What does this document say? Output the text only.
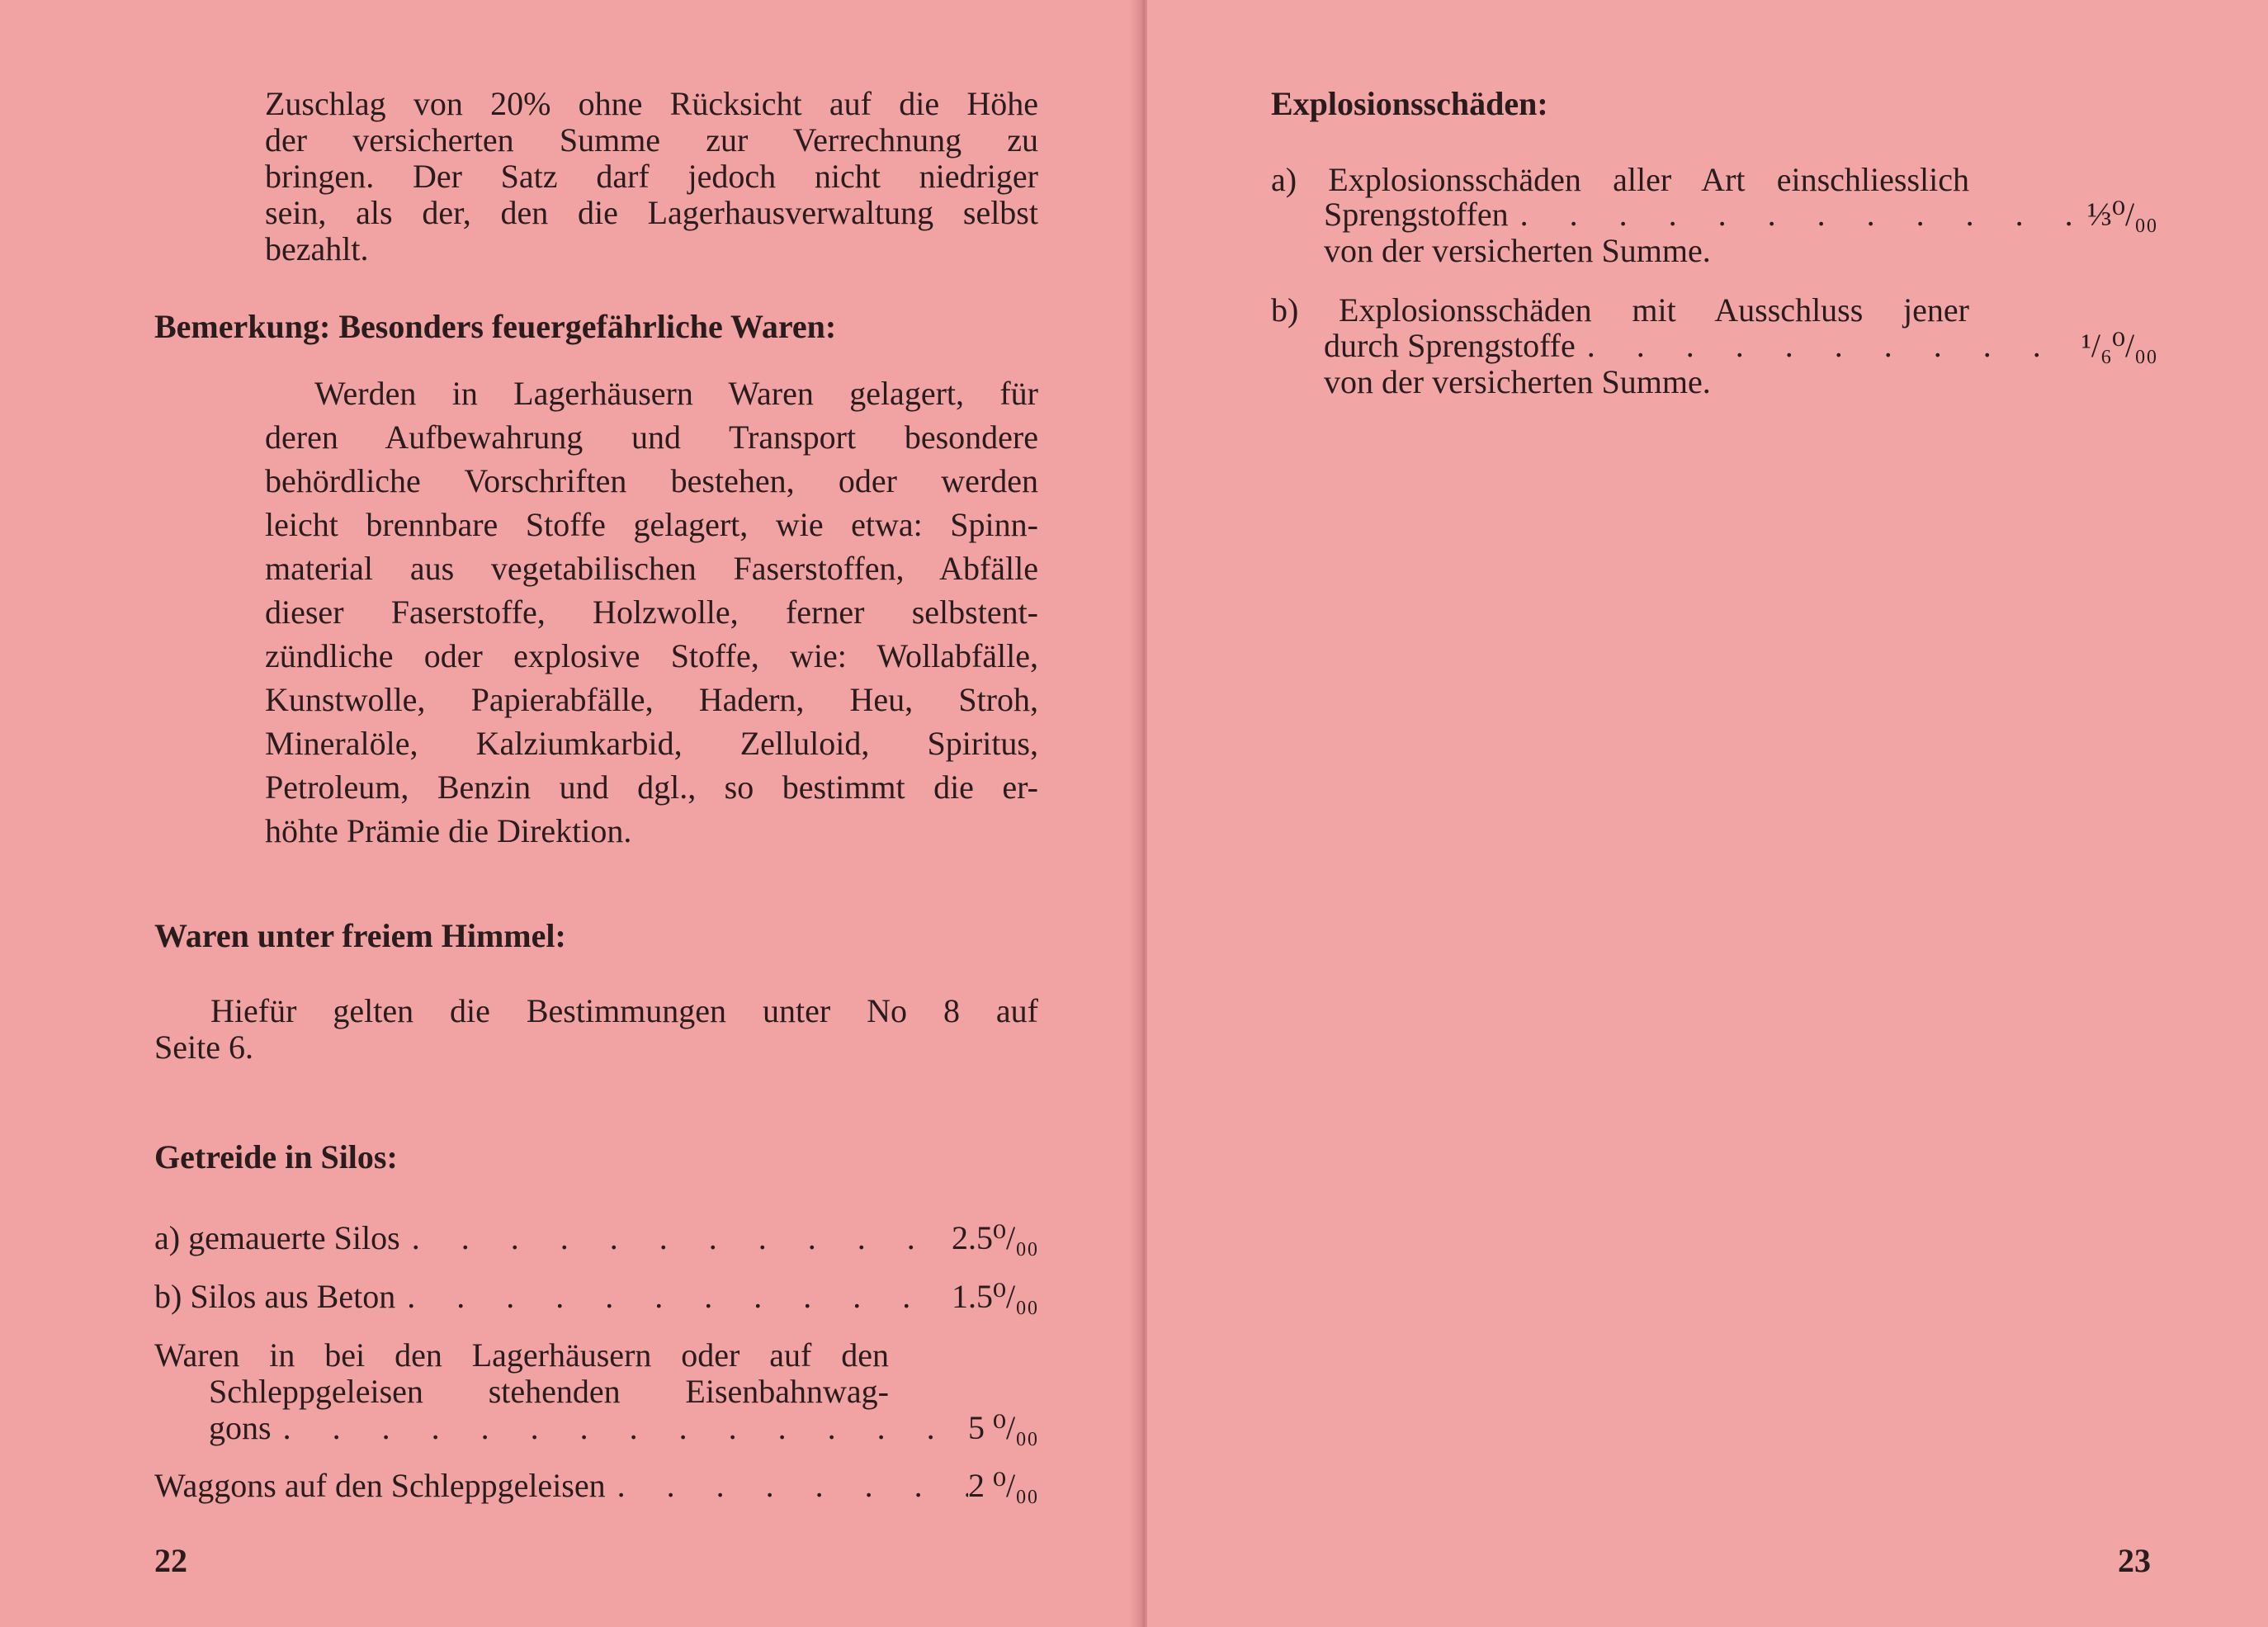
Zuschlag von 20% ohne Rücksicht auf die Höhe
der versicherten Summe zur Verrechnung zu
bringen. Der Satz darf jedoch nicht niedriger
sein, als der, den die Lagerhausverwaltung selbst
bezahlt.
Bemerkung: Besonders feuergefährliche Waren:
Werden in Lagerhäusern Waren gelagert, für
deren Aufbewahrung und Transport besondere
behördliche Vorschriften bestehen, oder werden
leicht brennbare Stoffe gelagert, wie etwa: Spinn-
material aus vegetabilischen Faserstoffen, Abfälle
dieser Faserstoffe, Holzwolle, ferner selbstent-
zündliche oder explosive Stoffe, wie: Wollabfälle,
Kunstwolle, Papierabfälle, Hadern, Heu, Stroh,
Mineralöle, Kalziumkarbid, Zelluloid, Spiritus,
Petroleum, Benzin und dgl., so bestimmt die er-
höhte Prämie die Direktion.
Waren unter freiem Himmel:
Hiefür gelten die Bestimmungen unter No 8 auf
Seite 6.
Getreide in Silos:
a) gemauerte Silos . . .	2.5⁰/₀₀
b) Silos aus Beton . . .	1.5⁰/₀₀
Waren in bei den Lagerhäusern oder auf den
Schleppgeleisen stehenden Eisenbahnwag-
gons . . .	5 ⁰/₀₀
Waggons auf den Schleppgeleisen . . .	2 ⁰/₀₀
22
Explosionsschäden:
a) Explosionsschäden aller Art einschliesslich
Sprengstoffen . . .	⅓⁰/₀₀
von der versicherten Summe.
b) Explosionsschäden mit Ausschluss jener
durch Sprengstoffe . . .	¹/₆⁰/₀₀
von der versicherten Summe.
23
